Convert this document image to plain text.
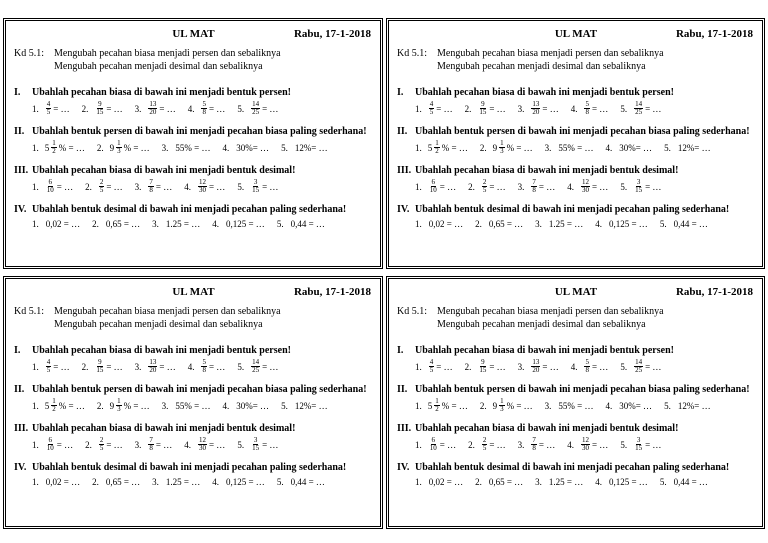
UL MAT	Rabu, 17-1-2018
Kd 5.1:	Mengubah pecahan biasa menjadi persen dan sebaliknya
Mengubah pecahan menjadi desimal dan sebaliknya
I.	Ubahlah pecahan biasa di bawah ini menjadi bentuk persen!
1. $\frac{4}{5}$ = … 2. $\frac{9}{15}$ = … 3. $\frac{13}{20}$ = … 4. $\frac{5}{8}$ = … 5. $\frac{14}{25}$ = …
II. Ubahlah bentuk persen di bawah ini menjadi pecahan biasa paling sederhana!
1. $5 \frac{1}{2}$ % = … 2. $9 \frac{1}{3}$ % = … 3. 55% = … 4. 30%= … 5. 12%= …
III. Ubahlah pecahan biasa di bawah ini menjadi bentuk desimal!
1. $\frac{6}{10}$ = … 2. $\frac{2}{5}$ = … 3. $\frac{7}{8}$ = … 4. $\frac{12}{30}$ = … 5. $\frac{3}{15}$ = …
IV. Ubahlah bentuk desimal di bawah ini menjadi pecahan paling sederhana!
1. 0,02 = … 2. 0,65 = … 3. 1.25 = … 4. 0,125 = … 5. 0,44 = …
UL MAT	Rabu, 17-1-2018
Kd 5.1:	Mengubah pecahan biasa menjadi persen dan sebaliknya
Mengubah pecahan menjadi desimal dan sebaliknya
I.	Ubahlah pecahan biasa di bawah ini menjadi bentuk persen!
1. $\frac{4}{5}$ = … 2. $\frac{9}{15}$ = … 3. $\frac{13}{20}$ = … 4. $\frac{5}{8}$ = … 5. $\frac{14}{25}$ = …
II. Ubahlah bentuk persen di bawah ini menjadi pecahan biasa paling sederhana!
1. $5 \frac{1}{2}$ % = … 2. $9 \frac{1}{3}$ % = … 3. 55% = … 4. 30%= … 5. 12%= …
III. Ubahlah pecahan biasa di bawah ini menjadi bentuk desimal!
1. $\frac{6}{10}$ = … 2. $\frac{2}{5}$ = … 3. $\frac{7}{8}$ = … 4. $\frac{12}{30}$ = … 5. $\frac{3}{15}$ = …
IV. Ubahlah bentuk desimal di bawah ini menjadi pecahan paling sederhana!
1. 0,02 = … 2. 0,65 = … 3. 1.25 = … 4. 0,125 = … 5. 0,44 = …
UL MAT	Rabu, 17-1-2018
Kd 5.1:	Mengubah pecahan biasa menjadi persen dan sebaliknya
Mengubah pecahan menjadi desimal dan sebaliknya
I.	Ubahlah pecahan biasa di bawah ini menjadi bentuk persen!
1. $\frac{4}{5}$ = … 2. $\frac{9}{15}$ = … 3. $\frac{13}{20}$ = … 4. $\frac{5}{8}$ = … 5. $\frac{14}{25}$ = …
II. Ubahlah bentuk persen di bawah ini menjadi pecahan biasa paling sederhana!
1. $5 \frac{1}{2}$ % = … 2. $9 \frac{1}{3}$ % = … 3. 55% = … 4. 30%= … 5. 12%= …
III. Ubahlah pecahan biasa di bawah ini menjadi bentuk desimal!
1. $\frac{6}{10}$ = … 2. $\frac{2}{5}$ = … 3. $\frac{7}{8}$ = … 4. $\frac{12}{30}$ = … 5. $\frac{3}{15}$ = …
IV. Ubahlah bentuk desimal di bawah ini menjadi pecahan paling sederhana!
1. 0,02 = … 2. 0,65 = … 3. 1.25 = … 4. 0,125 = … 5. 0,44 = …
UL MAT	Rabu, 17-1-2018
Kd 5.1:	Mengubah pecahan biasa menjadi persen dan sebaliknya
Mengubah pecahan menjadi desimal dan sebaliknya
I.	Ubahlah pecahan biasa di bawah ini menjadi bentuk persen!
1. $\frac{4}{5}$ = … 2. $\frac{9}{15}$ = … 3. $\frac{13}{20}$ = … 4. $\frac{5}{8}$ = … 5. $\frac{14}{25}$ = …
II. Ubahlah bentuk persen di bawah ini menjadi pecahan biasa paling sederhana!
1. $5 \frac{1}{2}$ % = … 2. $9 \frac{1}{3}$ % = … 3. 55% = … 4. 30%= … 5. 12%= …
III. Ubahlah pecahan biasa di bawah ini menjadi bentuk desimal!
1. $\frac{6}{10}$ = … 2. $\frac{2}{5}$ = … 3. $\frac{7}{8}$ = … 4. $\frac{12}{30}$ = … 5. $\frac{3}{15}$ = …
IV. Ubahlah bentuk desimal di bawah ini menjadi pecahan paling sederhana!
1. 0,02 = … 2. 0,65 = … 3. 1.25 = … 4. 0,125 = … 5. 0,44 = …
